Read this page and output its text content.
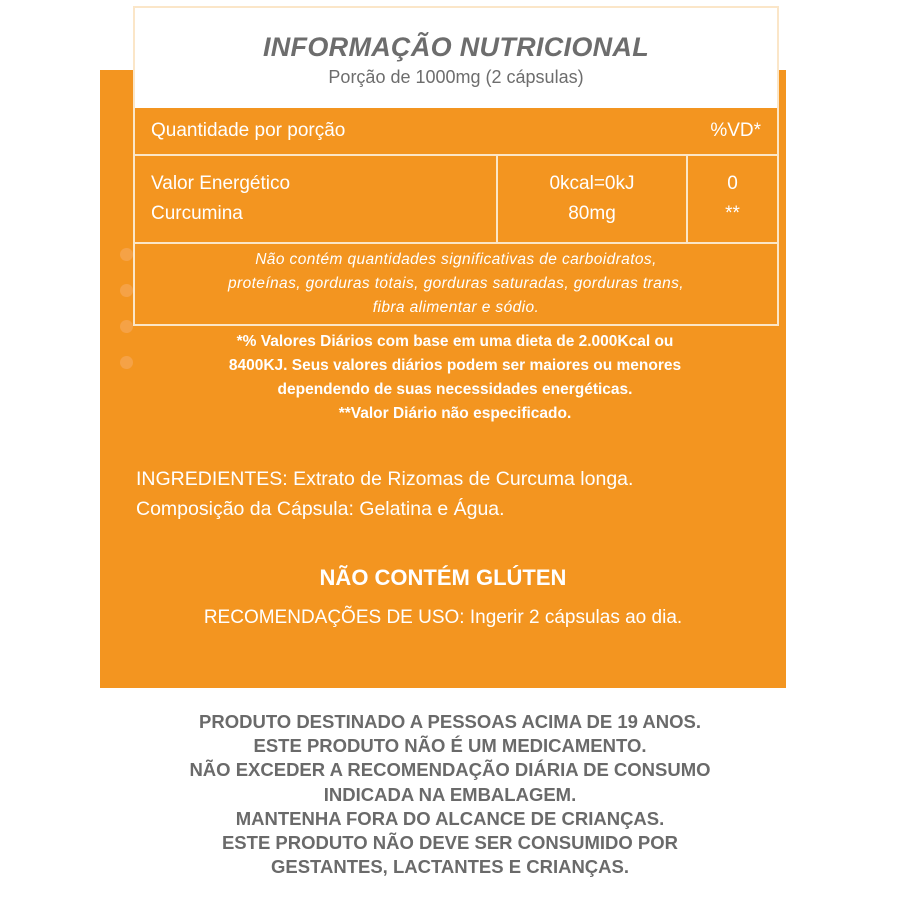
INFORMAÇÃO NUTRICIONAL
Porção de 1000mg (2 cápsulas)
Quantidade por porção	%VD*
Valor Energético
Curcumina
0kcal=0kJ
80mg
0
**
Não contém quantidades significativas de carboidratos,
proteínas, gorduras totais, gorduras saturadas, gorduras trans,
fibra alimentar e sódio.
*% Valores Diários com base em uma dieta de 2.000Kcal ou
8400KJ. Seus valores diários podem ser maiores ou menores
dependendo de suas necessidades energéticas.
**Valor Diário não especificado.
INGREDIENTES: Extrato de Rizomas de Curcuma longa.
Composição da Cápsula: Gelatina e Água.
NÃO CONTÉM GLÚTEN
RECOMENDAÇÕES DE USO: Ingerir 2 cápsulas ao dia.
PRODUTO DESTINADO A PESSOAS ACIMA DE 19 ANOS.
ESTE PRODUTO NÃO É UM MEDICAMENTO.
NÃO EXCEDER A RECOMENDAÇÃO DIÁRIA DE CONSUMO
INDICADA NA EMBALAGEM.
MANTENHA FORA DO ALCANCE DE CRIANÇAS.
ESTE PRODUTO NÃO DEVE SER CONSUMIDO POR
GESTANTES, LACTANTES E CRIANÇAS.
